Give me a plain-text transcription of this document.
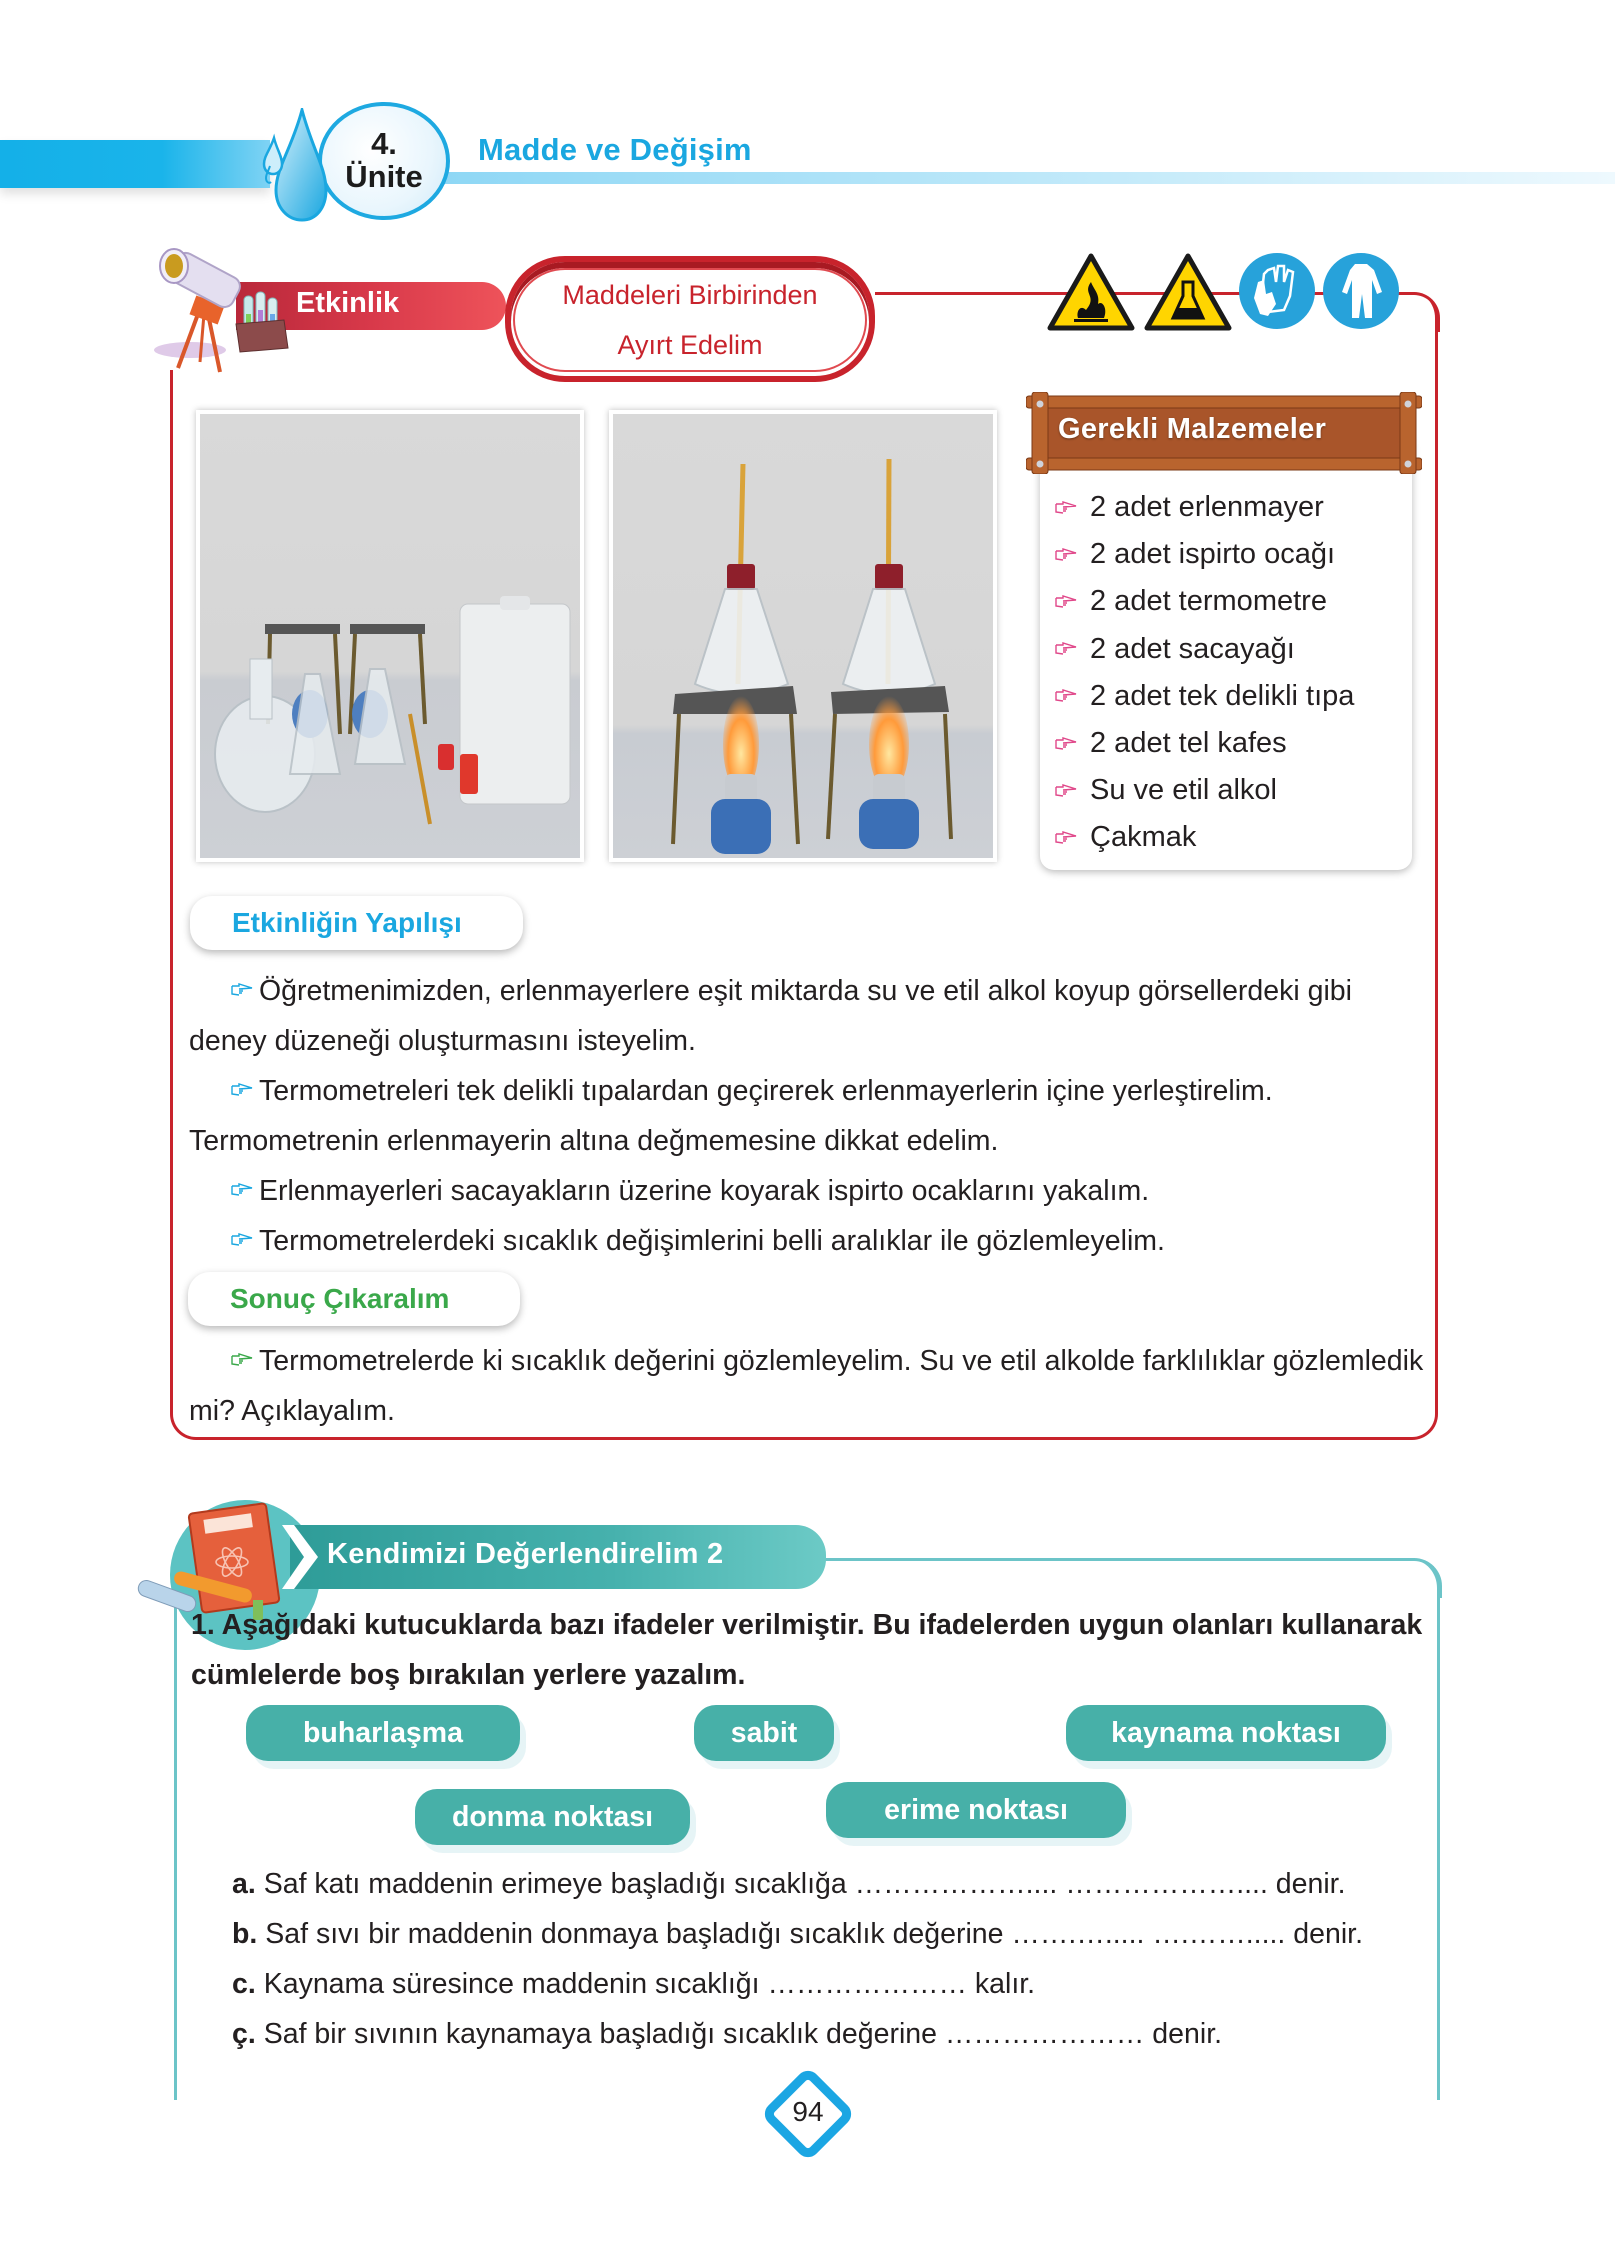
4.
Ünite
Madde ve Değişim
Etkinlik	Maddeleri Birbirinden
Ayırt Edelim
Gerekli Malzemeler
2 adet erlenmayer
2 adet ispirto ocağı
2 adet termometre
2 adet sacayağı
2 adet tek delikli tıpa
2 adet tel kafes
Su ve etil alkol
Çakmak
Etkinliğin Yapılışı
Öğretmenimizden, erlenmayerlere eşit miktarda su ve etil alkol koyup görsellerdeki gibi deney düzeneği oluşturmasını isteyelim.
Termometreleri tek delikli tıpalardan geçirerek erlenmayerlerin içine yerleştirelim. Termometrenin erlenmayerin altına değmemesine dikkat edelim.
Erlenmayerleri sacayakların üzerine koyarak ispirto ocaklarını yakalım.
Termometrelerdeki sıcaklık değişimlerini belli aralıklar ile gözlemleyelim.
Sonuç Çıkaralım
Termometrelerde ki sıcaklık değerini gözlemleyelim. Su ve etil alkolde farklılıklar gözlemledik mi? Açıklayalım.
Kendimizi Değerlendirelim 2
1. Aşağıdaki kutucuklarda bazı ifadeler verilmiştir. Bu ifadelerden uygun olanları kullanarak cümlelerde boş bırakılan yerlere yazalım.
buharlaşma	sabit	kaynama noktası
donma noktası	erime noktası
a. Saf katı maddenin erimeye başladığı sıcaklığa ……………….... ……………….... denir.
b. Saf sıvı bir maddenin donmaya başladığı sıcaklık değerine …….…..... ….……..... denir.
c. Kaynama süresince maddenin sıcaklığı ………………… kalır.
ç. Saf bir sıvının kaynamaya başladığı sıcaklık değerine ………………… denir.
94
